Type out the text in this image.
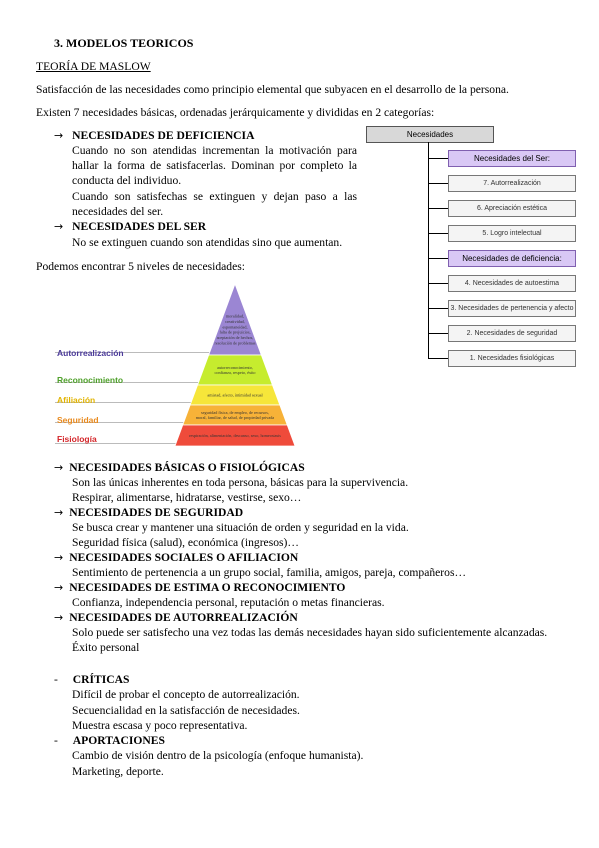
3. MODELOS TEORICOS
TEORÍA DE MASLOW
Satisfacción de las necesidades como principio elemental que subyacen en el desarrollo de la persona.
Existen 7 necesidades básicas, ordenadas jerárquicamente y divididas en 2 categorías:
→ NECESIDADES DE DEFICIENCIA
Cuando no son atendidas incrementan la motivación para hallar la forma de satisfacerlas. Dominan por completo la conducta del individuo.
Cuando son satisfechas se extinguen y dejan paso a las necesidades del ser.
→ NECESIDADES DEL SER
No se extinguen cuando son atendidas sino que aumentan.
Podemos encontrar 5 niveles de necesidades:
Necesidades
Necesidades del Ser:
7. Autorrealización
6. Apreciación estética
5. Logro intelectual
Necesidades de deficiencia:
4. Necesidades de autoestima
3. Necesidades de pertenencia y afecto
2. Necesidades de seguridad
1. Necesidades fisiológicas
moralidad,
creatividad,
espontaneidad,
falta de prejuicios,
aceptación de hechos,
resolución de problemas
autorreconocimiento,
confianza, respeto, éxito
amistad, afecto, intimidad sexual
seguridad física, de empleo, de recursos,
moral, familiar, de salud, de propiedad privada
respiración, alimentación, descanso, sexo, homeostasis
Autorrealización
Reconocimiento
Afiliación
Seguridad
Fisiología
→ NECESIDADES BÁSICAS O FISIOLÓGICAS
Son las únicas inherentes en toda persona, básicas para la supervivencia.
Respirar, alimentarse, hidratarse, vestirse, sexo…
→ NECESIDADES DE SEGURIDAD
Se busca crear y mantener una situación de orden y seguridad en la vida.
Seguridad física (salud), económica (ingresos)…
→ NECESIDADES SOCIALES O AFILIACION
Sentimiento de pertenencia a un grupo social, familia, amigos, pareja, compañeros…
→ NECESIDADES DE ESTIMA O RECONOCIMIENTO
Confianza, independencia personal, reputación o metas financieras.
→ NECESIDADES DE AUTORREALIZACIÓN
Solo puede ser satisfecho una vez todas las demás necesidades hayan sido suficientemente alcanzadas.
Éxito personal
- CRÍTICAS
Difícil de probar el concepto de autorrealización.
Secuencialidad en la satisfacción de necesidades.
Muestra escasa y poco representativa.
- APORTACIONES
Cambio de visión dentro de la psicología (enfoque humanista).
Marketing, deporte.
